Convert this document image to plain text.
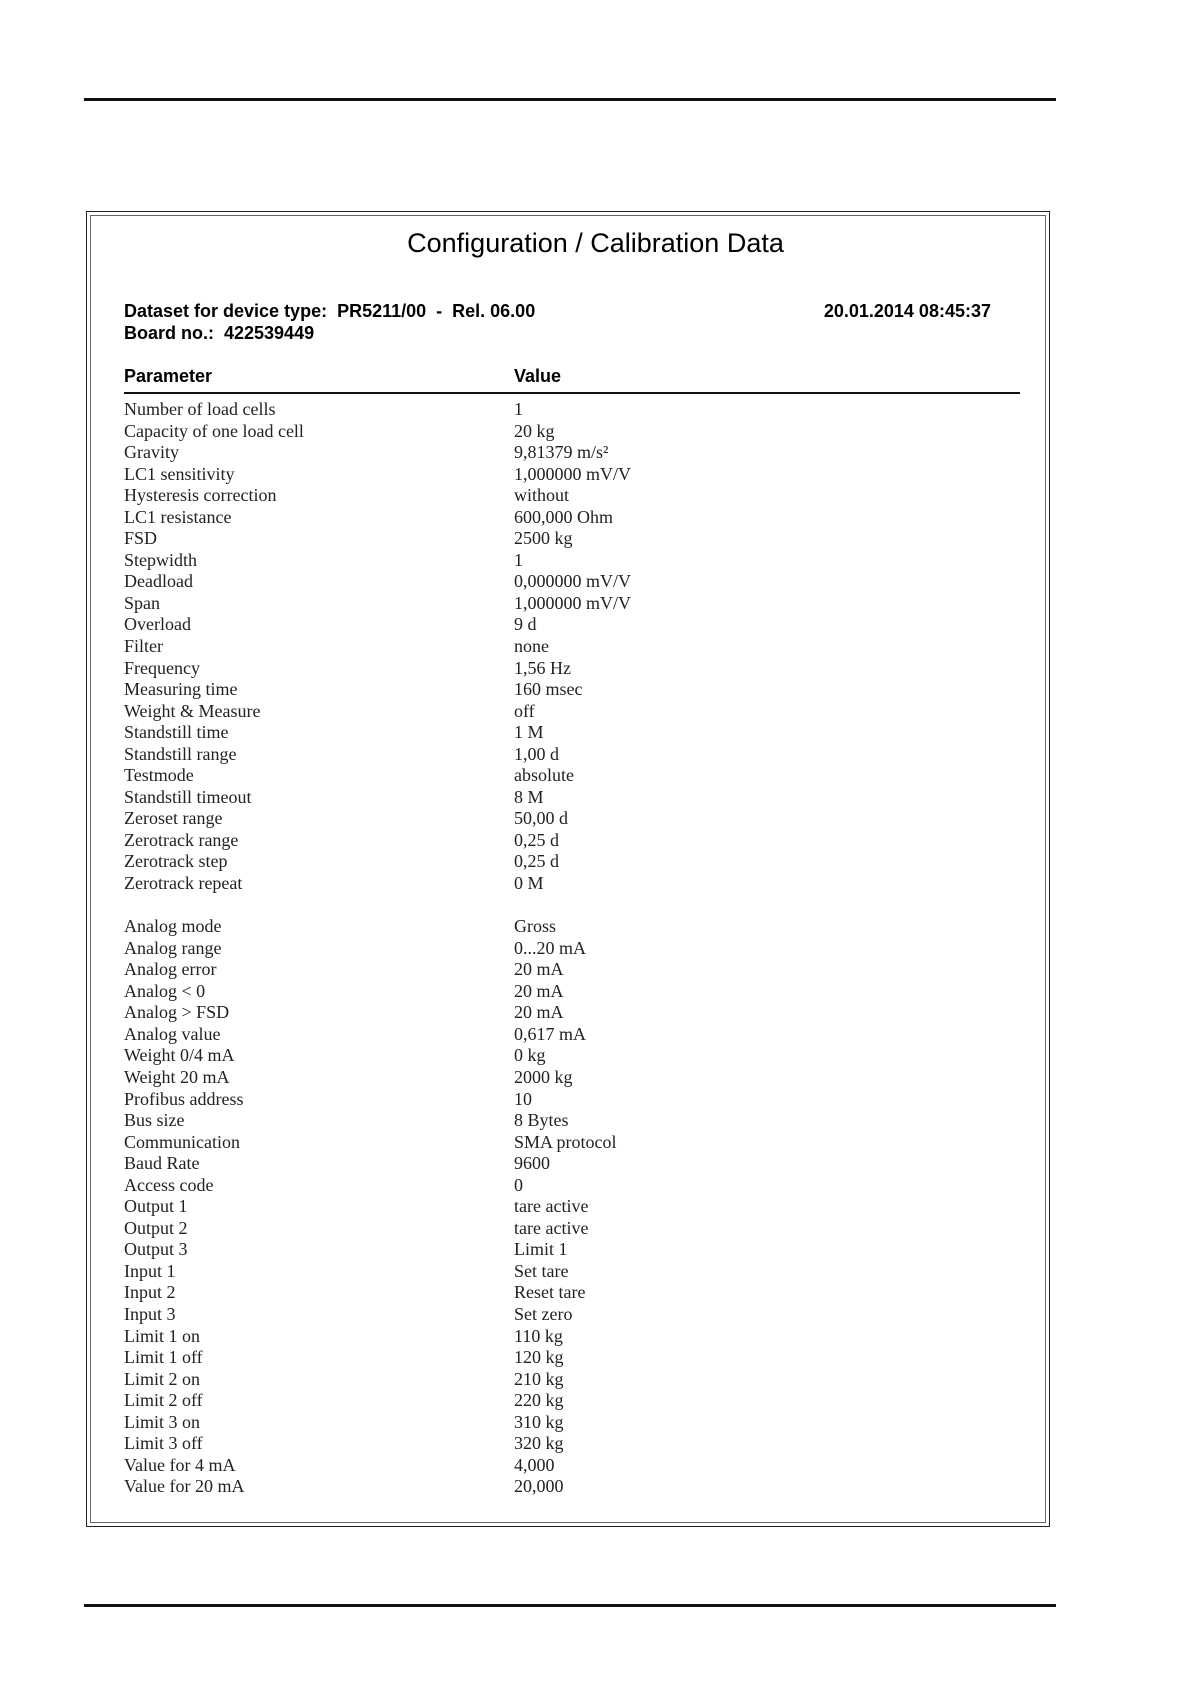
Configuration / Calibration Data
Dataset for device type:  PR5211/00  -  Rel. 06.00
Board no.:  422539449
20.01.2014 08:45:37
Parameter	Value
Number of load cells	1
Capacity of one load cell	20 kg
Gravity	9,81379 m/s²
LC1 sensitivity	1,000000 mV/V
Hysteresis correction	without
LC1 resistance	600,000 Ohm
FSD	2500 kg
Stepwidth	1
Deadload	0,000000 mV/V
Span	1,000000 mV/V
Overload	9 d
Filter	none
Frequency	1,56 Hz
Measuring time	160 msec
Weight & Measure	off
Standstill time	1 M
Standstill range	1,00 d
Testmode	absolute
Standstill timeout	8 M
Zeroset range	50,00 d
Zerotrack range	0,25 d
Zerotrack step	0,25 d
Zerotrack repeat	0 M
Analog mode	Gross
Analog range	0...20 mA
Analog error	20 mA
Analog < 0	20 mA
Analog > FSD	20 mA
Analog value	0,617 mA
Weight 0/4 mA	0 kg
Weight 20 mA	2000 kg
Profibus address	10
Bus size	8 Bytes
Communication	SMA protocol
Baud Rate	9600
Access code	0
Output 1	tare active
Output 2	tare active
Output 3	Limit 1
Input 1	Set tare
Input 2	Reset tare
Input 3	Set zero
Limit 1 on	110 kg
Limit 1 off	120 kg
Limit 2 on	210 kg
Limit 2 off	220 kg
Limit 3 on	310 kg
Limit 3 off	320 kg
Value for 4 mA	4,000
Value for 20 mA	20,000
